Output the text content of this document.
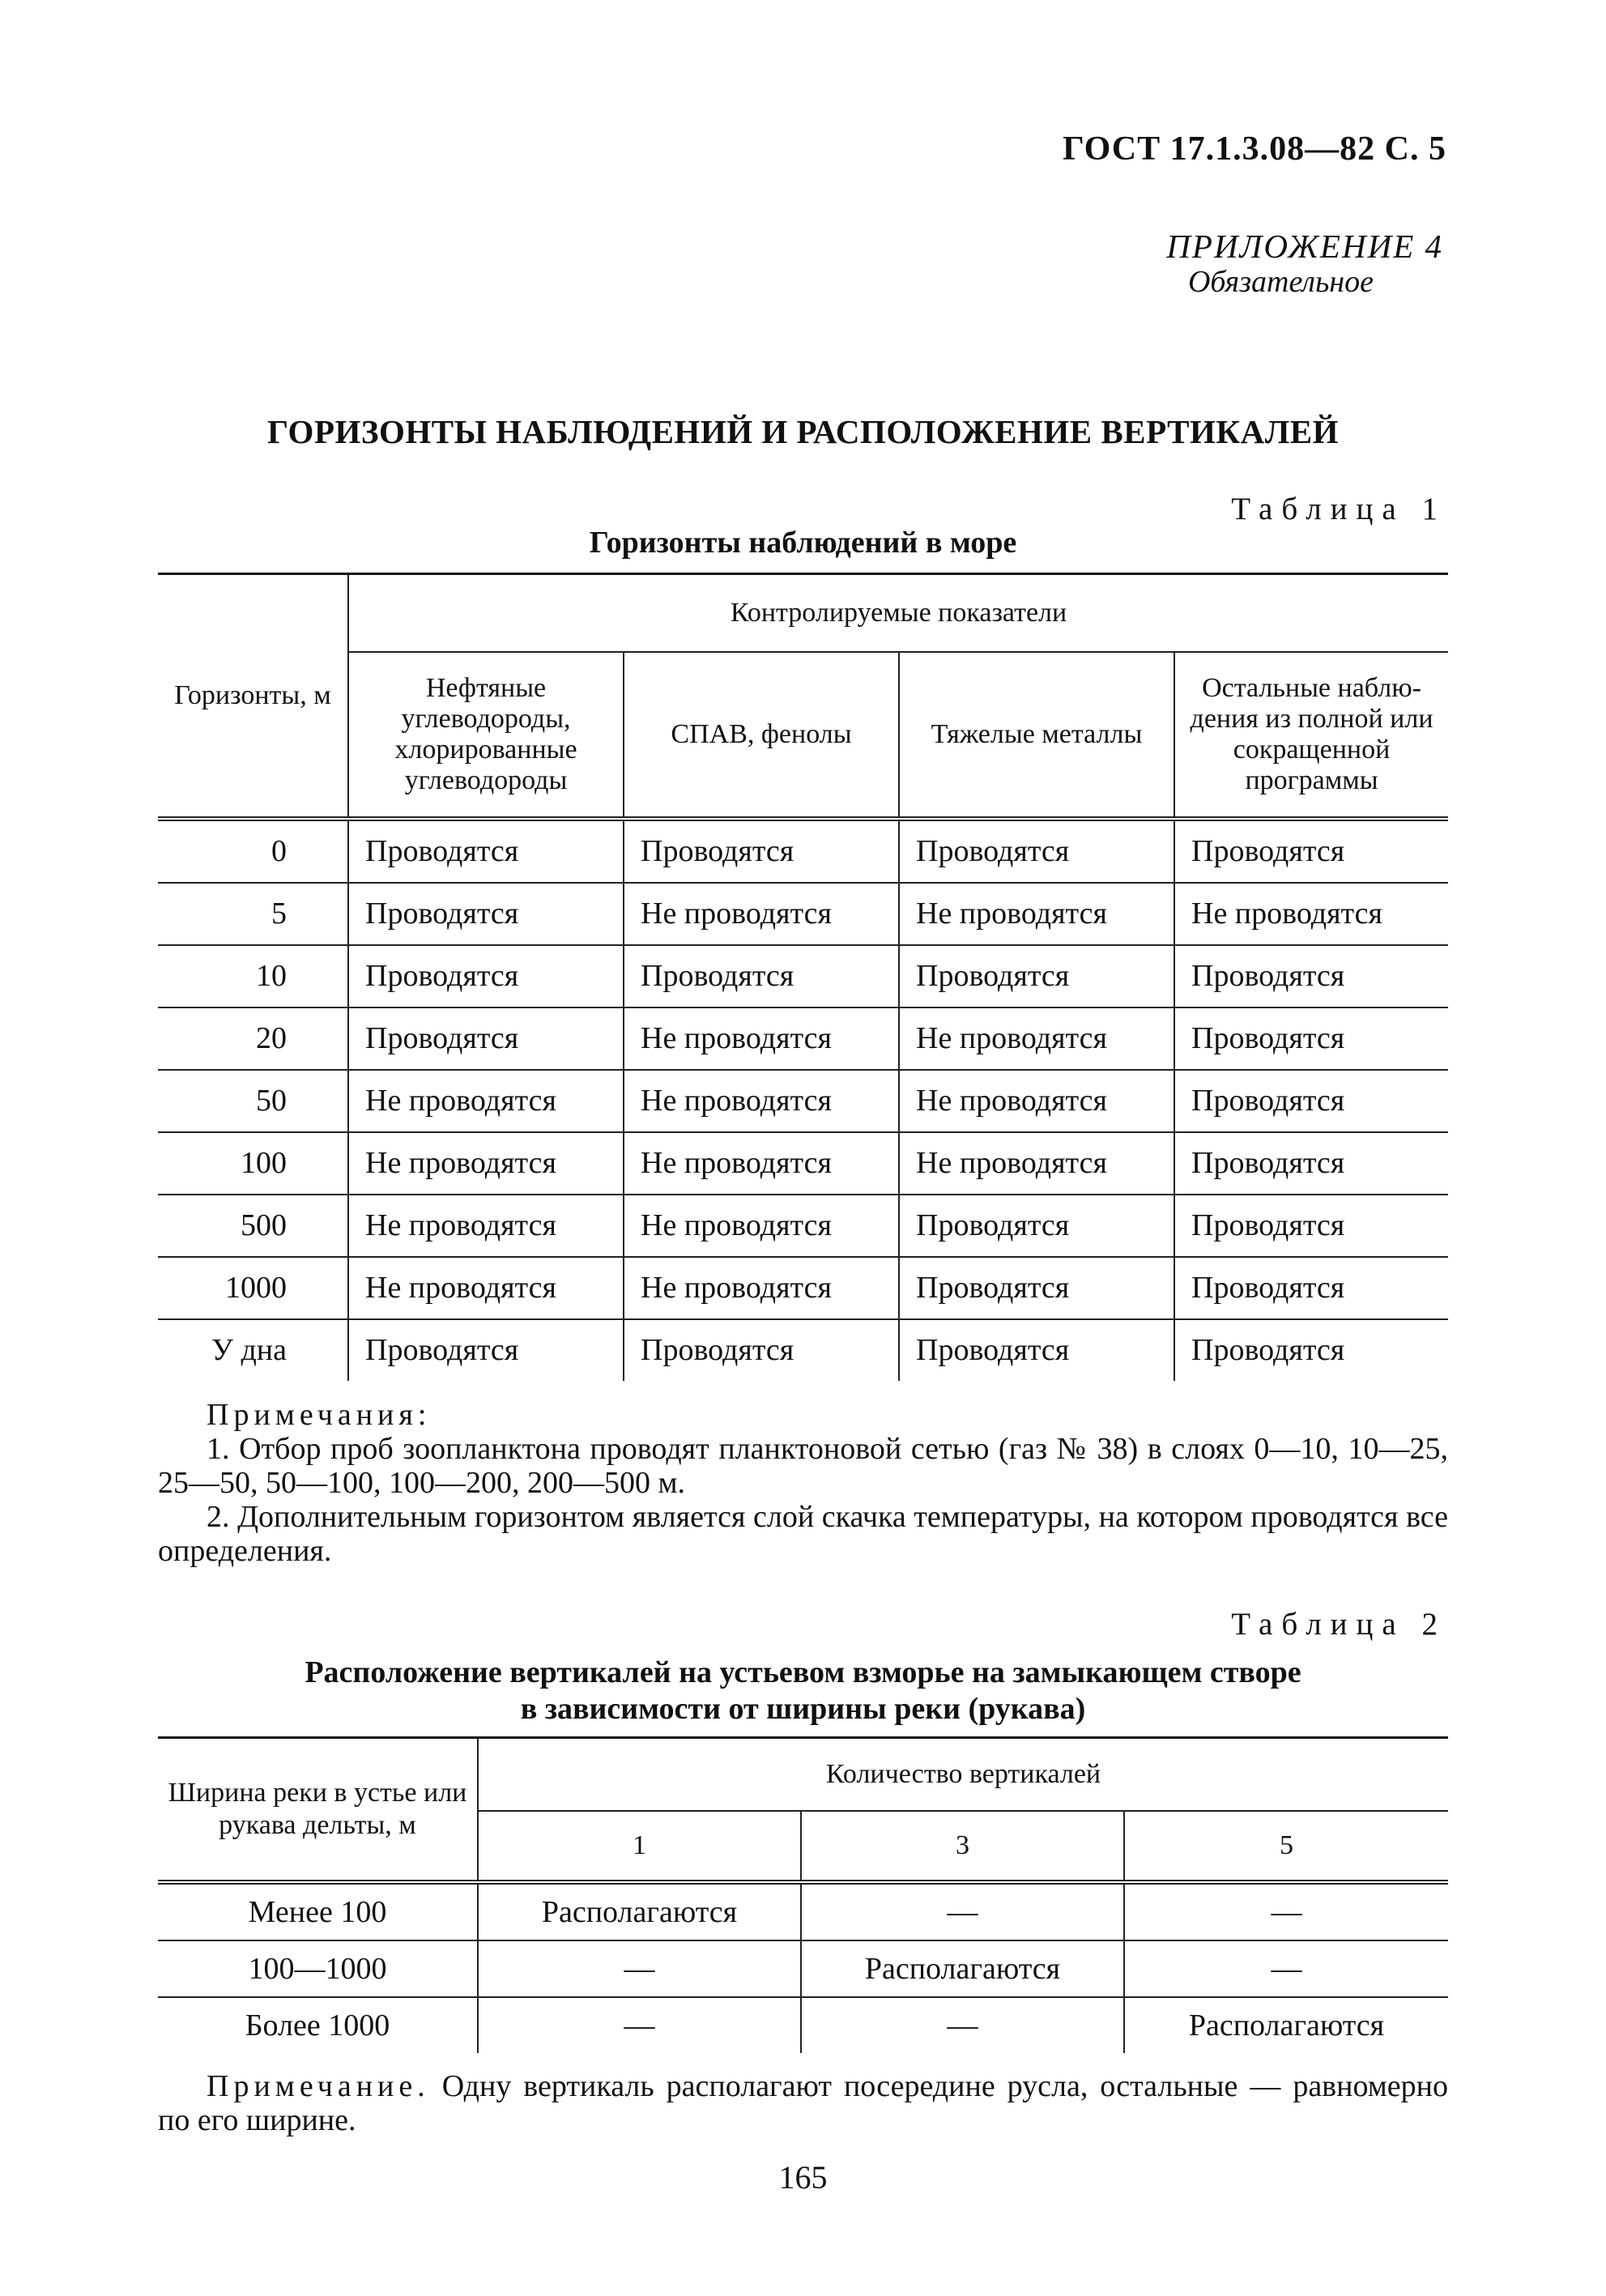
ГОСТ 17.1.3.08—82 С. 5
ПРИЛОЖЕНИЕ 4
Обязательное
ГОРИЗОНТЫ НАБЛЮДЕНИЙ И РАСПОЛОЖЕНИЕ ВЕРТИКАЛЕЙ
Таблица 1
Горизонты наблюдений в море
Горизонты, м	Контролируемые показатели			
	Нефтяные углеводороды, хлорированные углеводороды	СПАВ, фенолы	Тяжелые металлы	Остальные наблю-дения из полной или сокращенной программы
0	Проводятся	Проводятся	Проводятся	Проводятся
5	Проводятся	Не проводятся	Не проводятся	Не проводятся
10	Проводятся	Проводятся	Проводятся	Проводятся
20	Проводятся	Не проводятся	Не проводятся	Проводятся
50	Не проводятся	Не проводятся	Не проводятся	Проводятся
100	Не проводятся	Не проводятся	Не проводятся	Проводятся
500	Не проводятся	Не проводятся	Проводятся	Проводятся
1000	Не проводятся	Не проводятся	Проводятся	Проводятся
У дна	Проводятся	Проводятся	Проводятся	Проводятся
Примечания:
1. Отбор проб зоопланктона проводят планктоновой сетью (газ № 38) в слоях 0—10, 10—25, 25—50, 50—100, 100—200, 200—500 м.
2. Дополнительным горизонтом является слой скачка температуры, на котором проводятся все определения.
Таблица 2
Расположение вертикалей на устьевом взморье на замыкающем створе
в зависимости от ширины реки (рукава)
Ширина реки в устье или рукава дельты, м	Количество вертикалей		
	1	3	5
Менее 100	Располагаются	—	—
100—1000	—	Располагаются	—
Более 1000	—	—	Располагаются
Примечание. Одну вертикаль располагают посередине русла, остальные — равномерно по его ширине.
165
